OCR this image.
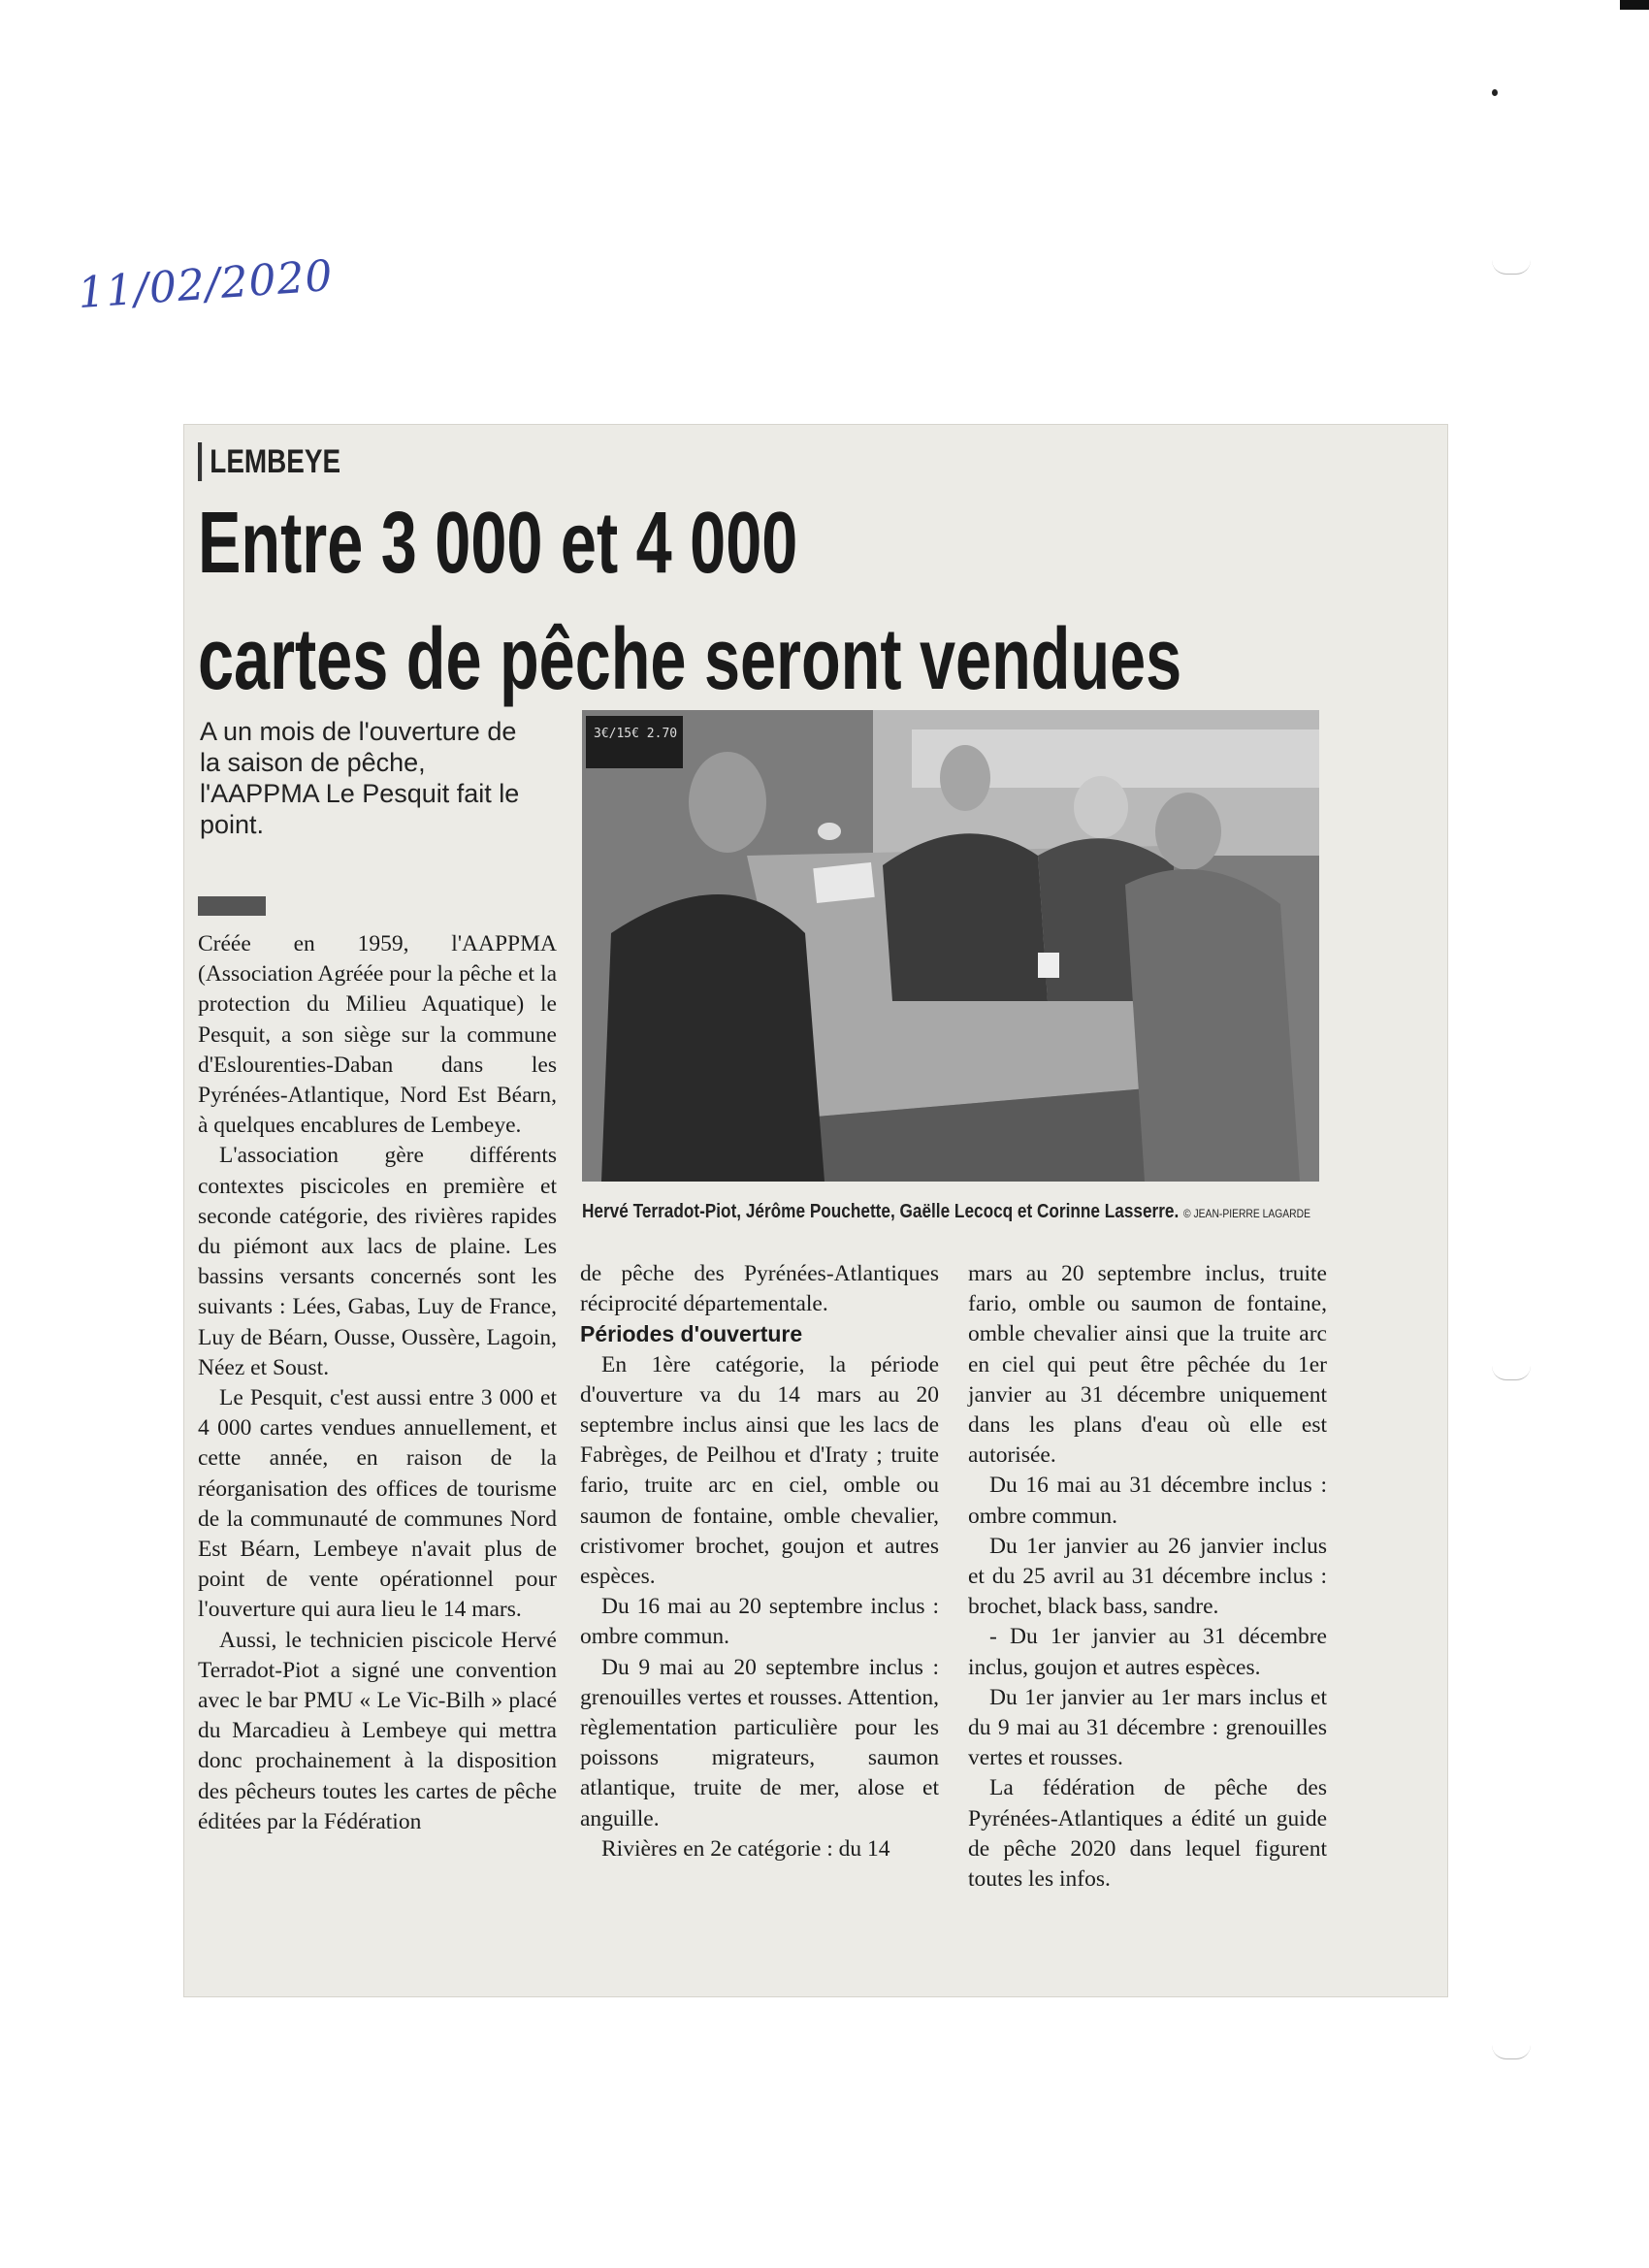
11/02/2020
LEMBEYE
Entre 3 000 et 4 000
cartes de pêche seront vendues
A un mois de l'ouverture de la saison de pêche, l'AAPPMA Le Pesquit fait le point.
3€/15€ 2.70
Hervé Terradot-Piot, Jérôme Pouchette, Gaëlle Lecocq et Corinne Lasserre. © JEAN-PIERRE LAGARDE

Créée en 1959, l'AAPPMA (Association Agréée pour la pêche et la protection du Milieu Aquatique) le Pesquit, a son siège sur la commune d'Eslourenties-Daban dans les Pyrénées-Atlantique, Nord Est Béarn, à quelques encablures de Lembeye.

L'association gère différents contextes piscicoles en première et seconde catégorie, des rivières rapides du piémont aux lacs de plaine. Les bassins versants concernés sont les suivants : Lées, Gabas, Luy de France, Luy de Béarn, Ousse, Oussère, Lagoin, Néez et Soust.

Le Pesquit, c'est aussi entre 3 000 et 4 000 cartes vendues annuellement, et cette année, en raison de la réorganisation des offices de tourisme de la communauté de communes Nord Est Béarn, Lembeye n'avait plus de point de vente opérationnel pour l'ouverture qui aura lieu le 14 mars.

Aussi, le technicien piscicole Hervé Terradot-Piot a signé une convention avec le bar PMU « Le Vic-Bilh » placé du Marcadieu à Lembeye qui mettra donc prochainement à la disposition des pêcheurs toutes les cartes de pêche éditées par la Fédération

de pêche des Pyrénées-Atlantiques réciprocité départementale.

Périodes d'ouverture

En 1ère catégorie, la période d'ouverture va du 14 mars au 20 septembre inclus ainsi que les lacs de Fabrèges, de Peilhou et d'Iraty ; truite fario, truite arc en ciel, omble ou saumon de fontaine, omble chevalier, cristivomer brochet, goujon et autres espèces.

Du 16 mai au 20 septembre inclus : ombre commun.

Du 9 mai au 20 septembre inclus : grenouilles vertes et rousses. Attention, règlementation particulière pour les poissons migrateurs, saumon atlantique, truite de mer, alose et anguille.

Rivières en 2e catégorie : du 14

mars au 20 septembre inclus, truite fario, omble ou saumon de fontaine, omble chevalier ainsi que la truite arc en ciel qui peut être pêchée du 1er janvier au 31 décembre uniquement dans les plans d'eau où elle est autorisée.

Du 16 mai au 31 décembre inclus : ombre commun.

Du 1er janvier au 26 janvier inclus et du 25 avril au 31 décembre inclus : brochet, black bass, sandre.

- Du 1er janvier au 31 décembre inclus, goujon et autres espèces.

Du 1er janvier au 1er mars inclus et du 9 mai au 31 décembre : grenouilles vertes et rousses.

La fédération de pêche des Pyrénées-Atlantiques a édité un guide de pêche 2020 dans lequel figurent toutes les infos.
